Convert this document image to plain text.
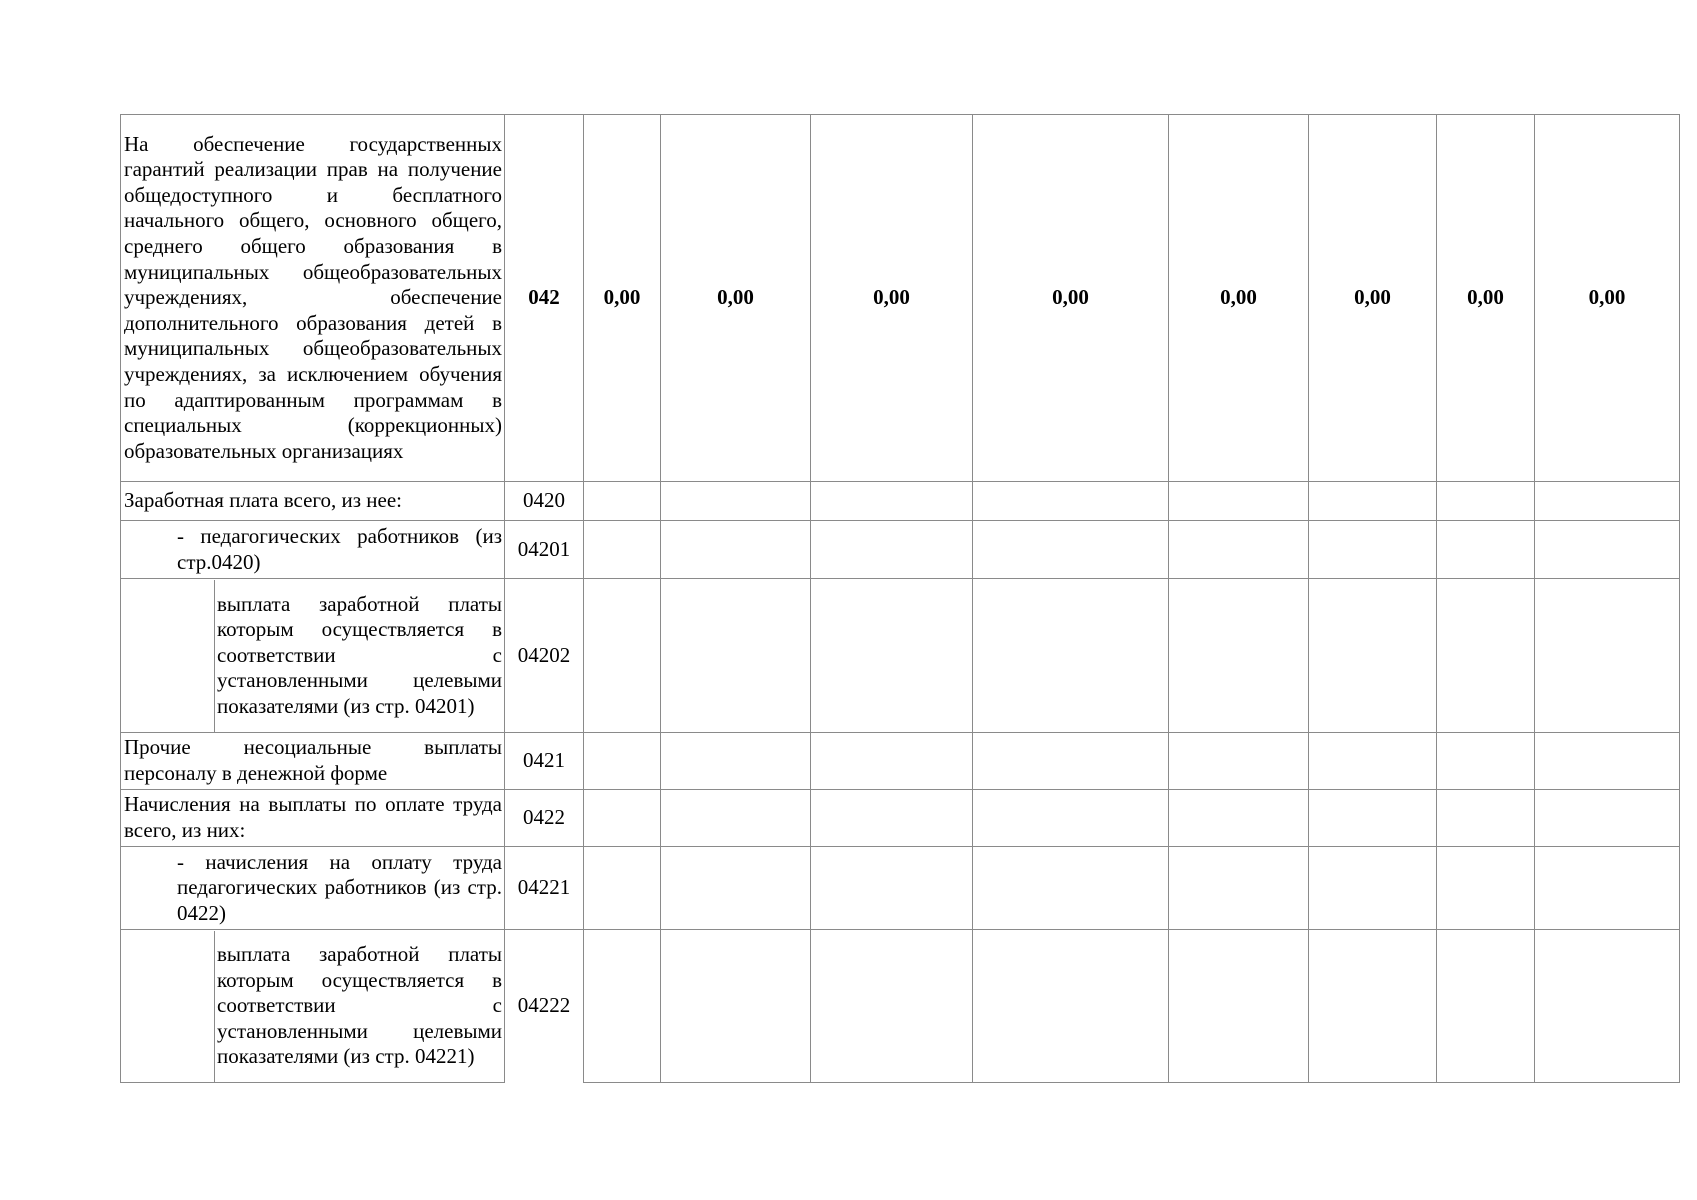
На обеспечение государственных гарантий реализации прав на получение общедоступного и бесплатного начального общего, основного общего, среднего общего образования в муниципальных общеобразовательных учреждениях, обеспечение дополнительного образования детей в муниципальных общеобразовательных учреждениях, за исключением обучения по адаптированным программам в специальных (коррекционных) образовательных организациях	042	0,00	0,00	0,00	0,00	0,00	0,00	0,00	0,00
Заработная плата всего, из нее:	0420								
- педагогических работников (из стр.0420)	04201								

выплата заработной платы которым осуществляется в соответствии с установленными целевыми показателями (из стр. 04201)	04202								
Прочие несоциальные выплаты персоналу в денежной форме	0421								
Начисления на выплаты по оплате труда всего, из них:	0422								
- начисления на оплату труда педагогических работников (из стр. 0422)	04221								

выплата заработной платы которым осуществляется в соответствии с установленными целевыми показателями (из стр. 04221)	04222								
